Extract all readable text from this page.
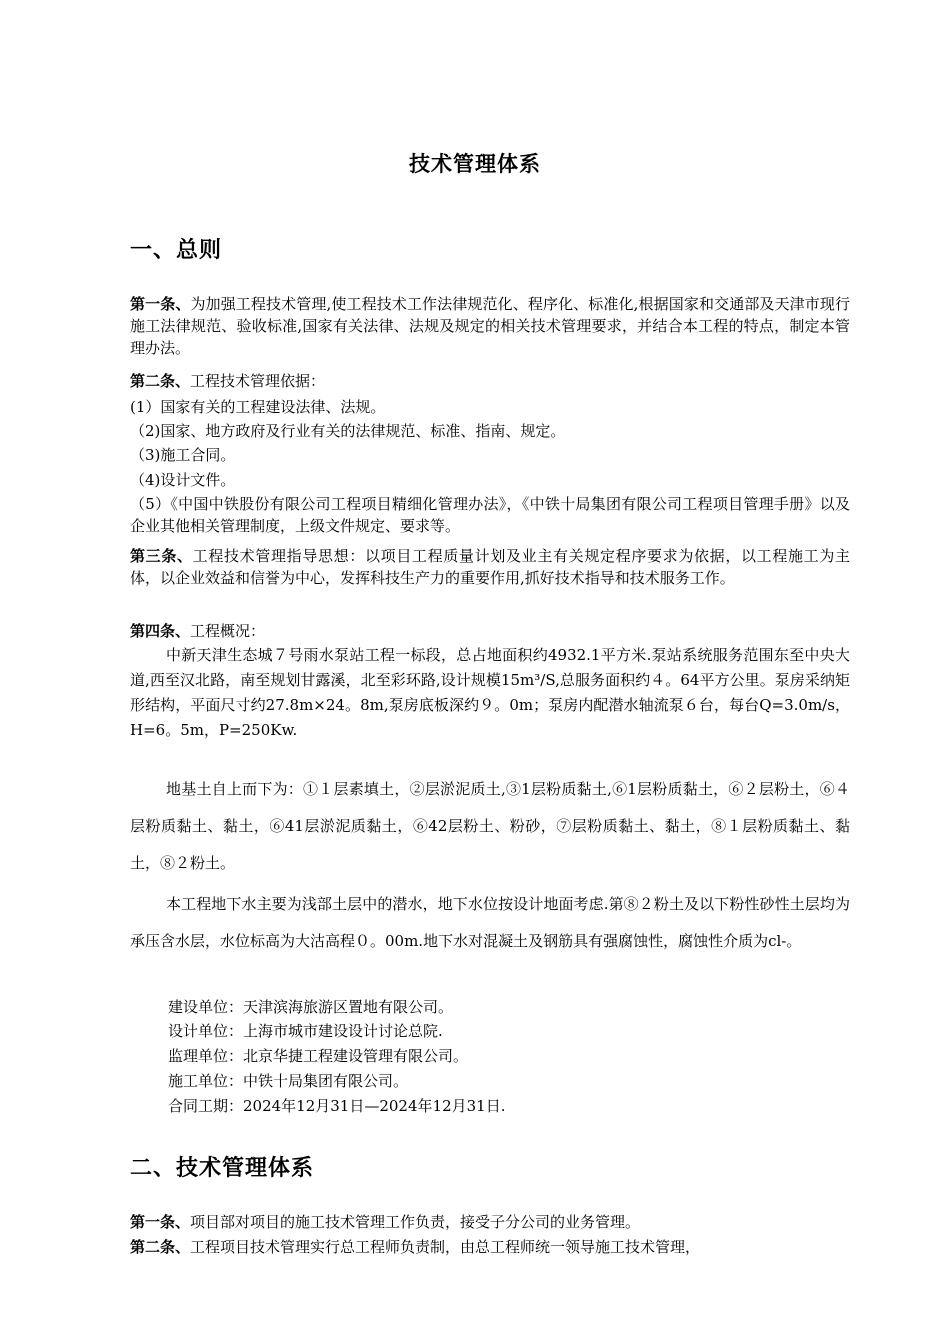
技术管理体系
一、总则

第一条、为加强工程技术管理,使工程技术工作法律规范化、程序化、标准化,根据国家和交通部及天津市现行施工法律规范、验收标准,国家有关法律、法规及规定的相关技术管理要求，并结合本工程的特点，制定本管理办法。

第二条、工程技术管理依据：

(1）国家有关的工程建设法律、法规。
（2)国家、地方政府及行业有关的法律规范、标准、指南、规定。
（3)施工合同。
（4)设计文件。

（5）《中国中铁股份有限公司工程项目精细化管理办法》，《中铁十局集团有限公司工程项目管理手册》以及企业其他相关管理制度，上级文件规定、要求等。

第三条、工程技术管理指导思想：以项目工程质量计划及业主有关规定程序要求为依据，以工程施工为主体，以企业效益和信誉为中心，发挥科技生产力的重要作用,抓好技术指导和技术服务工作。

第四条、工程概况：

中新天津生态城７号雨水泵站工程一标段，总占地面积约4932.1平方米.泵站系统服务范围东至中央大道,西至汉北路，南至规划甘露溪，北至彩环路,设计规模15m³/S,总服务面积约４。64平方公里。泵房采纳矩形结构，平面尺寸约27.8m×24。8m,泵房底板深约９。0m；泵房内配潜水轴流泵６台，每台Q=3.0m/s，H=6。5m，P=250Kw.

地基土自上而下为：①１层素填土，②层淤泥质土,③1层粉质黏土,⑥1层粉质黏土，⑥２层粉土，⑥４层粉质黏土、黏土，⑥41层淤泥质黏土，⑥42层粉土、粉砂，⑦层粉质黏土、黏土，⑧１层粉质黏土、黏土，⑧２粉土。

本工程地下水主要为浅部土层中的潜水，地下水位按设计地面考虑.第⑧２粉土及以下粉性砂性土层均为承压含水层，水位标高为大沽高程０。00m.地下水对混凝土及钢筋具有强腐蚀性，腐蚀性介质为cl-。

建设单位：天津滨海旅游区置地有限公司。
设计单位：上海市城市建设设计讨论总院.
监理单位：北京华捷工程建设管理有限公司。
施工单位：中铁十局集团有限公司。
合同工期：2024年12月31日—2024年12月31日.
二、技术管理体系

第一条、项目部对项目的施工技术管理工作负责，接受子分公司的业务管理。

第二条、工程项目技术管理实行总工程师负责制，由总工程师统一领导施工技术管理，
